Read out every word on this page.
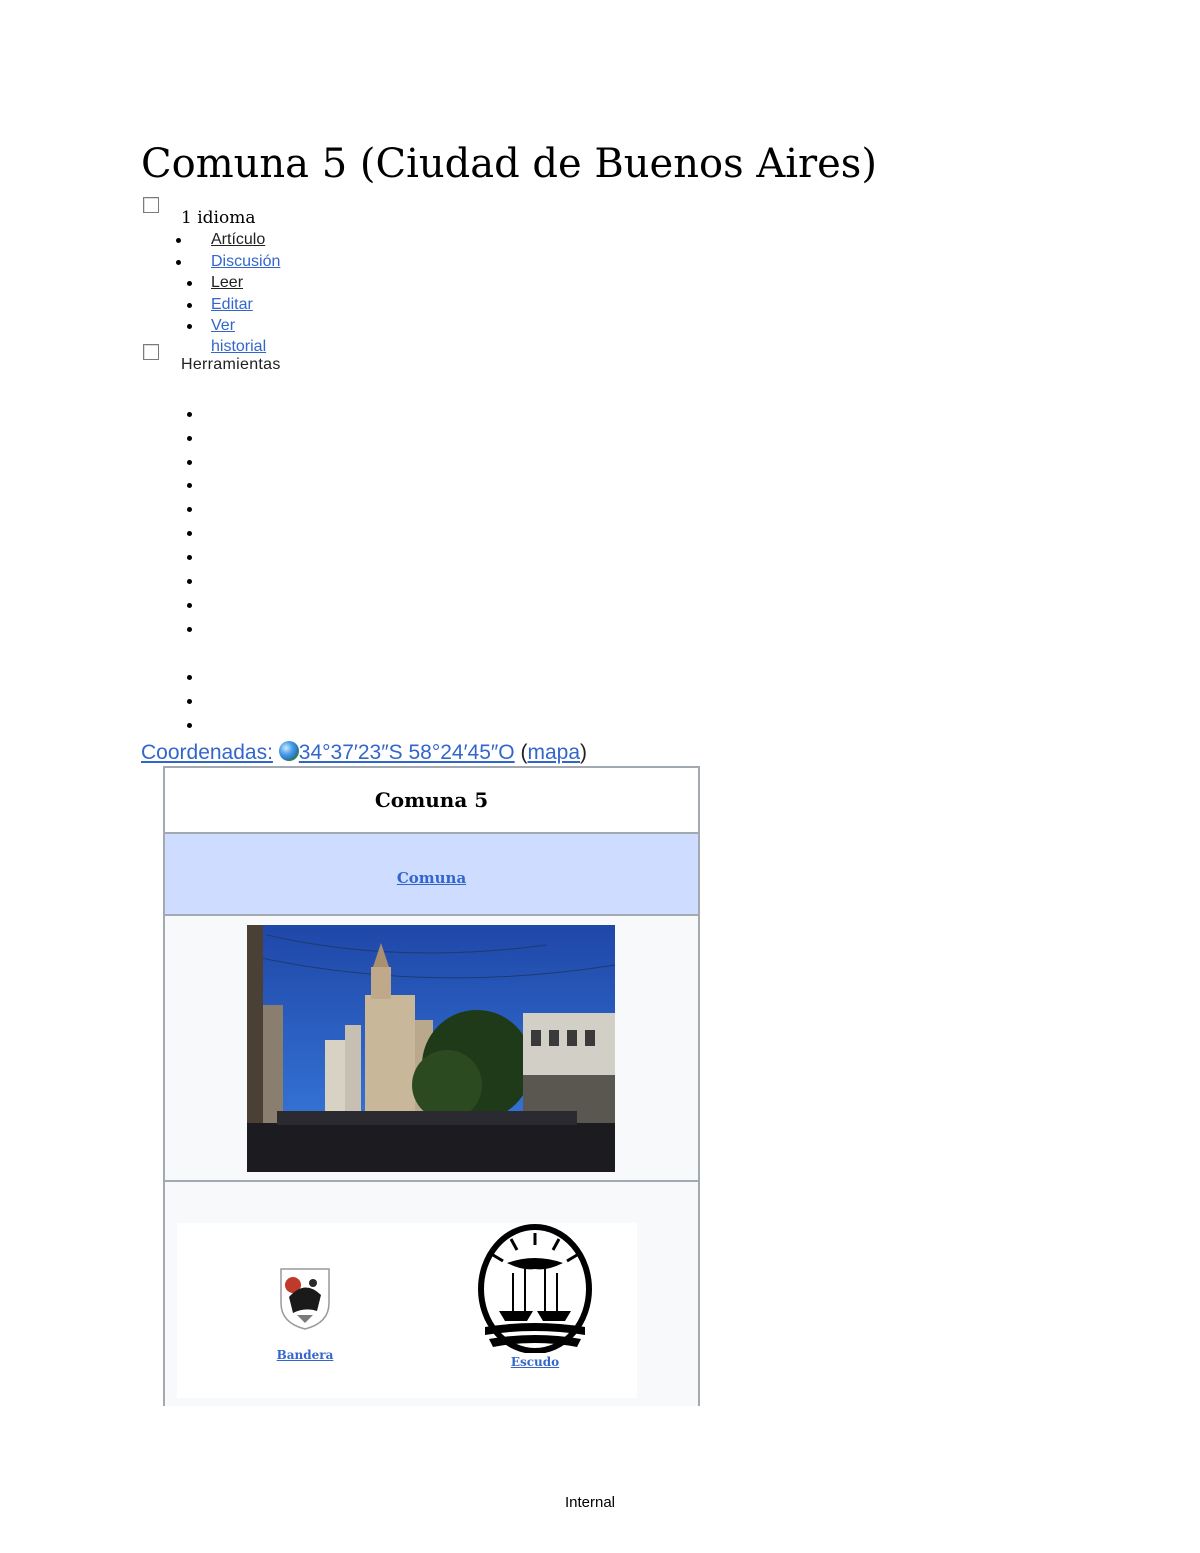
Comuna 5 (Ciudad de Buenos Aires)
1 idioma
Artículo
Discusión
Leer
Editar
Ver historial
Herramientas
Coordenadas: 34°37′23″S 58°24′45″O (mapa)
Comuna 5
Comuna
Bandera	Escudo
Internal
